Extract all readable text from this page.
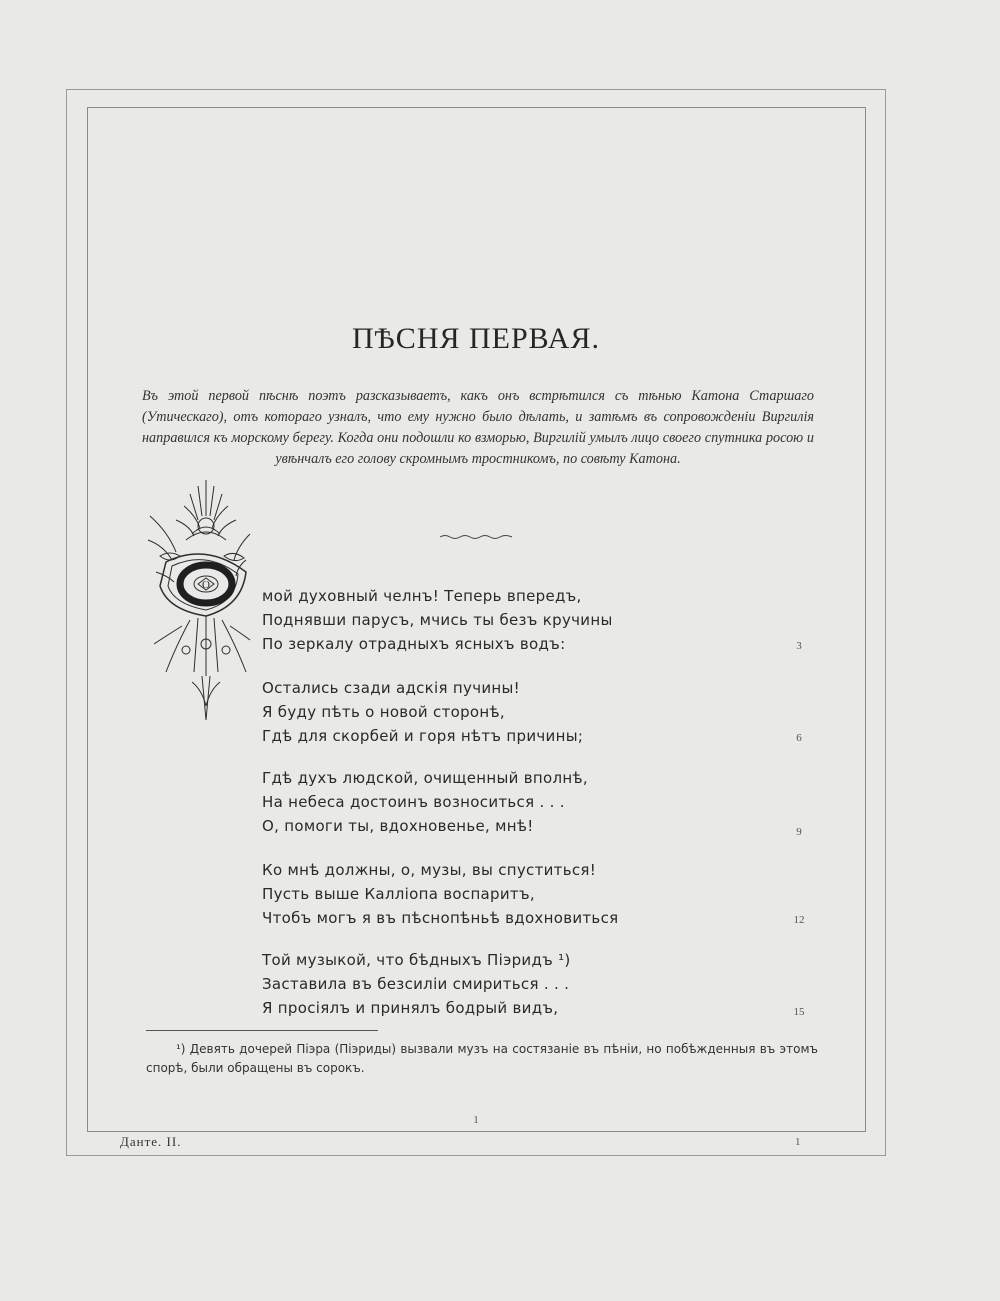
ПѢСНЯ ПЕРВАЯ.

Въ этой первой пѣснѣ поэтъ разсказываетъ, какъ онъ встрѣтился съ тѣнью Катона Старшаго (Утическаго), отъ котораго узналъ, что ему нужно было дѣлать, и затѣмъ въ сопровожденіи Виргилія направился къ морскому берегу. Когда они подошли ко взморью, Виргилій умылъ лицо своего спутника росою и увѣнчалъ его голову скромнымъ тростникомъ, по совѣту Катона.

О
мой духовный челнъ! Теперь впередъ,
Поднявши парусъ, мчись ты безъ кручины
По зеркалу отрадныхъ ясныхъ водъ:	3
Остались сзади адскія пучины!
Я буду пѣть о новой сторонѣ,
Гдѣ для скорбей и горя нѣтъ причины;	6
Гдѣ духъ людской, очищенный вполнѣ,
На небеса достоинъ возноситься . . .
О, помоги ты, вдохновенье, мнѣ!	9
Ко мнѣ должны, о, музы, вы спуститься!
Пусть выше Калліопа воспаритъ,
Чтобъ могъ я въ пѣснопѣньѣ вдохновиться	12
Той музыкой, что бѣдныхъ Піэридъ ¹)
Заставила въ безсиліи смириться . . .
Я просіялъ и принялъ бодрый видъ,	15

¹) Девять дочерей Піэра (Піэриды) вызвали музъ на состязаніе въ пѣніи, но побѣжденныя въ этомъ спорѣ, были обращены въ сорокъ.

1
Данте. II.	1
